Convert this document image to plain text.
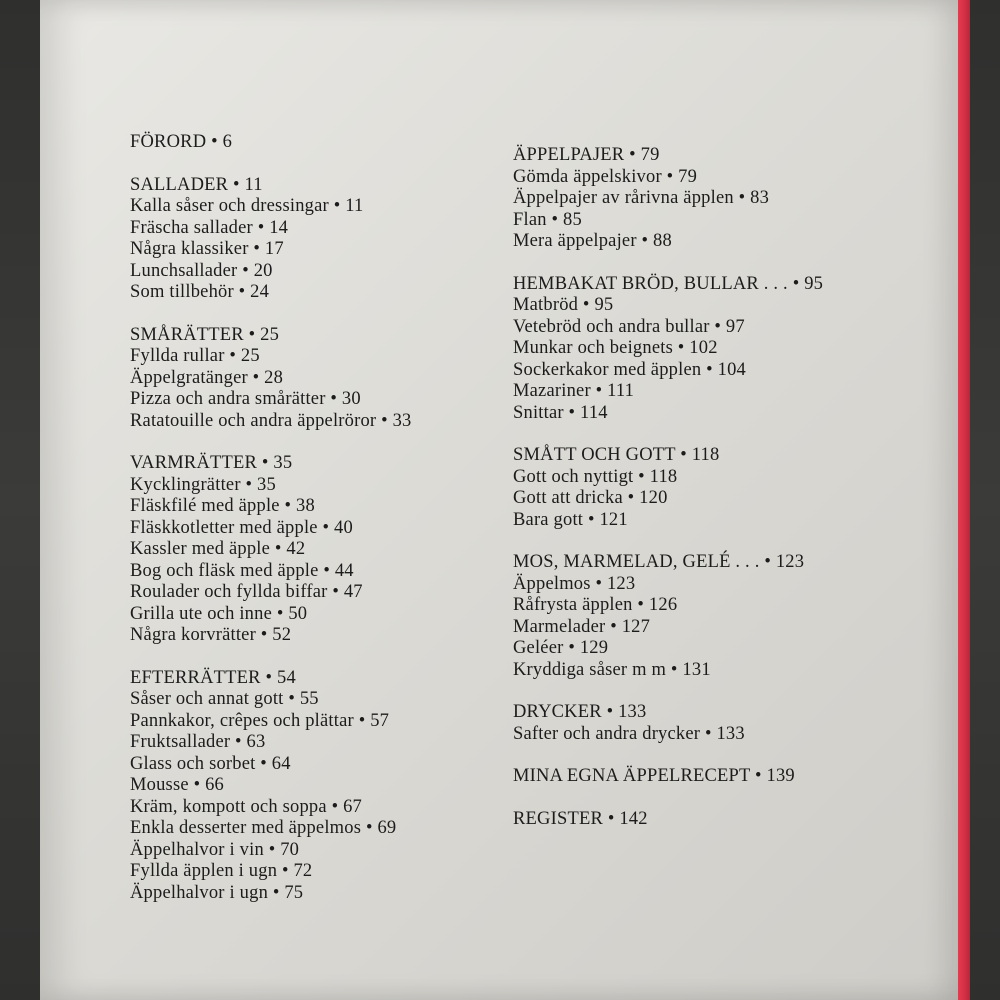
FÖRORD • 6
SALLADER • 11
Kalla såser och dressingar • 11
Fräscha sallader • 14
Några klassiker • 17
Lunchsallader • 20
Som tillbehör • 24
SMÅRÄTTER • 25
Fyllda rullar • 25
Äppelgratänger • 28
Pizza och andra smårätter • 30
Ratatouille och andra äppelröror • 33
VARMRÄTTER • 35
Kycklingrätter • 35
Fläskfilé med äpple • 38
Fläskkotletter med äpple • 40
Kassler med äpple • 42
Bog och fläsk med äpple • 44
Roulader och fyllda biffar • 47
Grilla ute och inne • 50
Några korvrätter • 52
EFTERRÄTTER • 54
Såser och annat gott • 55
Pannkakor, crêpes och plättar • 57
Fruktsallader • 63
Glass och sorbet • 64
Mousse • 66
Kräm, kompott och soppa • 67
Enkla desserter med äppelmos • 69
Äppelhalvor i vin • 70
Fyllda äpplen i ugn • 72
Äppelhalvor i ugn • 75
ÄPPELPAJER • 79
Gömda äppelskivor • 79
Äppelpajer av rårivna äpplen • 83
Flan • 85
Mera äppelpajer • 88
HEMBAKAT BRÖD, BULLAR . . . • 95
Matbröd • 95
Vetebröd och andra bullar • 97
Munkar och beignets • 102
Sockerkakor med äpplen • 104
Mazariner • 111
Snittar • 114
SMÅTT OCH GOTT • 118
Gott och nyttigt • 118
Gott att dricka • 120
Bara gott • 121
MOS, MARMELAD, GELÉ . . . • 123
Äppelmos • 123
Råfrysta äpplen • 126
Marmelader • 127
Geléer • 129
Kryddiga såser m m • 131
DRYCKER • 133
Safter och andra drycker • 133
MINA EGNA ÄPPELRECEPT • 139
REGISTER • 142
